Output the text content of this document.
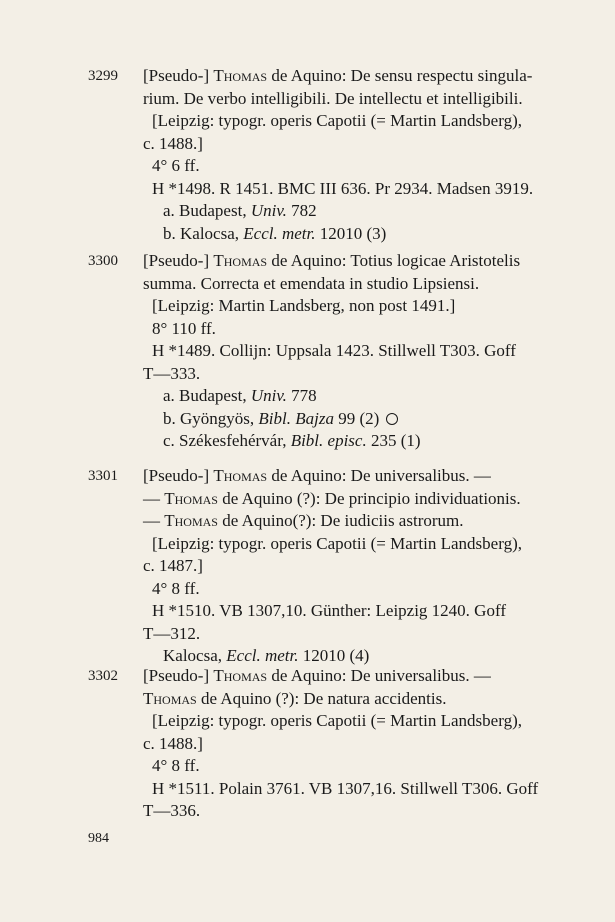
3299 [Pseudo-] Thomas de Aquino: De sensu respectu singula-
rium. De verbo intelligibili. De intellectu et intelligibili.
[Leipzig: typogr. operis Capotii (= Martin Landsberg),
c. 1488.]
4° 6 ff.
H *1498. R 1451. BMC III 636. Pr 2934. Madsen 3919.
a. Budapest, Univ. 782
b. Kalocsa, Eccl. metr. 12010 (3)
3300 [Pseudo-] Thomas de Aquino: Totius logicae Aristotelis
summa. Correcta et emendata in studio Lipsiensi.
[Leipzig: Martin Landsberg, non post 1491.]
8° 110 ff.
H *1489. Collijn: Uppsala 1423. Stillwell T303. Goff
T—333.
a. Budapest, Univ. 778
b. Gyöngyös, Bibl. Bajza 99 (2)
c. Székesfehérvár, Bibl. episc. 235 (1)
3301 [Pseudo-] Thomas de Aquino: De universalibus. —
— Thomas de Aquino (?): De principio individuationis.
— Thomas de Aquino(?): De iudiciis astrorum.
[Leipzig: typogr. operis Capotii (= Martin Landsberg),
c. 1487.]
4° 8 ff.
H *1510. VB 1307,10. Günther: Leipzig 1240. Goff
T—312.
Kalocsa, Eccl. metr. 12010 (4)
3302 [Pseudo-] Thomas de Aquino: De universalibus. —
Thomas de Aquino (?): De natura accidentis.
[Leipzig: typogr. operis Capotii (= Martin Landsberg),
c. 1488.]
4° 8 ff.
H *1511. Polain 3761. VB 1307,16. Stillwell T306. Goff
T—336.
984
